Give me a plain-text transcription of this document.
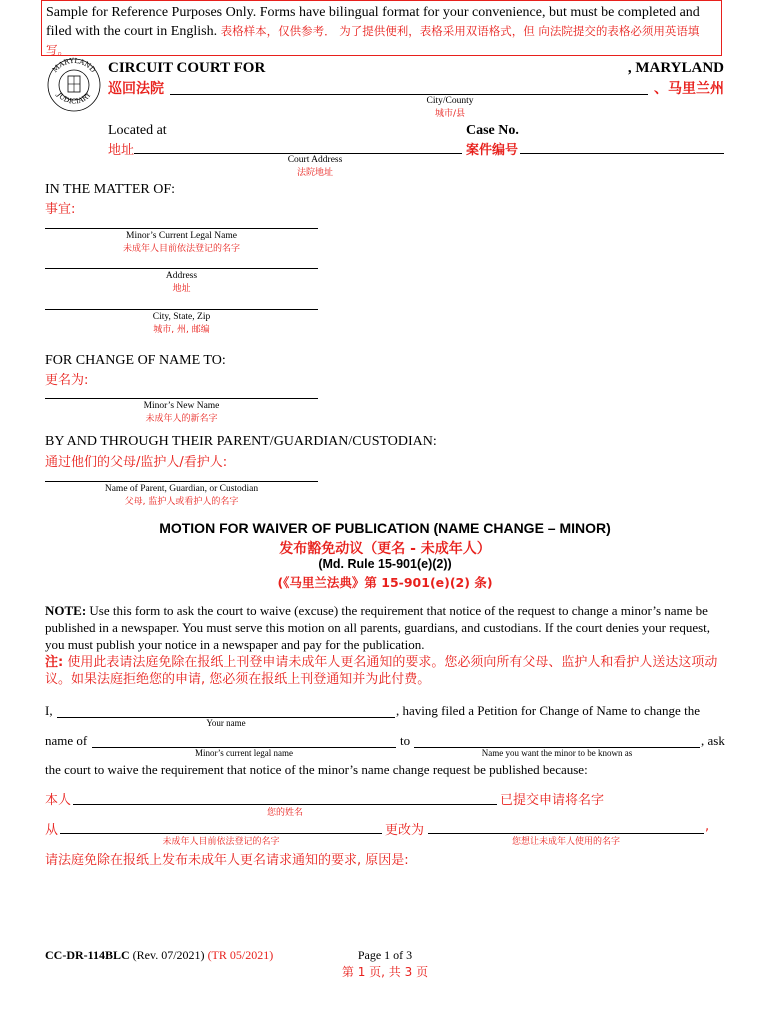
Sample for Reference Purposes Only. Forms have bilingual format for your convenience, but must be completed and filed with the court in English. 表格样本，仅供参考． 为了提供便利，表格采用双语格式，但 向法院提交的表格必须用英语填写。
MARYLAND
JUDICIARY
CIRCUIT COURT FOR	, MARYLAND
巡回法院	、马里兰州
City/County
城市/县
Located at
地址
Case No.
案件编号
Court Address
法院地址
IN THE MATTER OF:
事宜:
Minor’s Current Legal Name
未成年人目前依法登记的名字
Address
地址
City, State, Zip
城市, 州, 邮编
FOR CHANGE OF NAME TO:
更名为:
Minor’s New Name
未成年人的新名字
BY AND THROUGH THEIR PARENT/GUARDIAN/CUSTODIAN:
通过他们的父母/监护人/看护人:
Name of Parent, Guardian, or Custodian
父母, 监护人或看护人的名字
MOTION FOR WAIVER OF PUBLICATION (NAME CHANGE – MINOR)
发布豁免动议（更名 - 未成年人）
(Md. Rule 15-901(e)(2))
(《马里兰法典》第 15-901(e)(2) 条)
NOTE: Use this form to ask the court to waive (excuse) the requirement that notice of the request to change a minor’s name be published in a newspaper. You must serve this motion on all parents, guardians, and custodians. If the court denies your request, you must publish your notice in a newspaper and pay for the publication.
注: 使用此表请法庭免除在报纸上刊登申请未成年人更名通知的要求。您必须向所有父母、监护人和看护人送达这项动议。如果法庭拒绝您的申请, 您必须在报纸上刊登通知并为此付费。
I,	, having filed a Petition for Change of Name to change the
Your name
name of	to	, ask
Minor’s current legal name	Name you want the minor to be known as
the court to waive the requirement that notice of the minor’s name change request be published because:
本人	已提交申请将名字
您的姓名
从	更改为	,
未成年人目前依法登记的名字	您想让未成年人使用的名字
请法庭免除在报纸上发布未成年人更名请求通知的要求, 原因是:
CC-DR-114BLC (Rev. 07/2021) (TR 05/2021)	Page 1 of 3
第 1 页, 共 3 页
